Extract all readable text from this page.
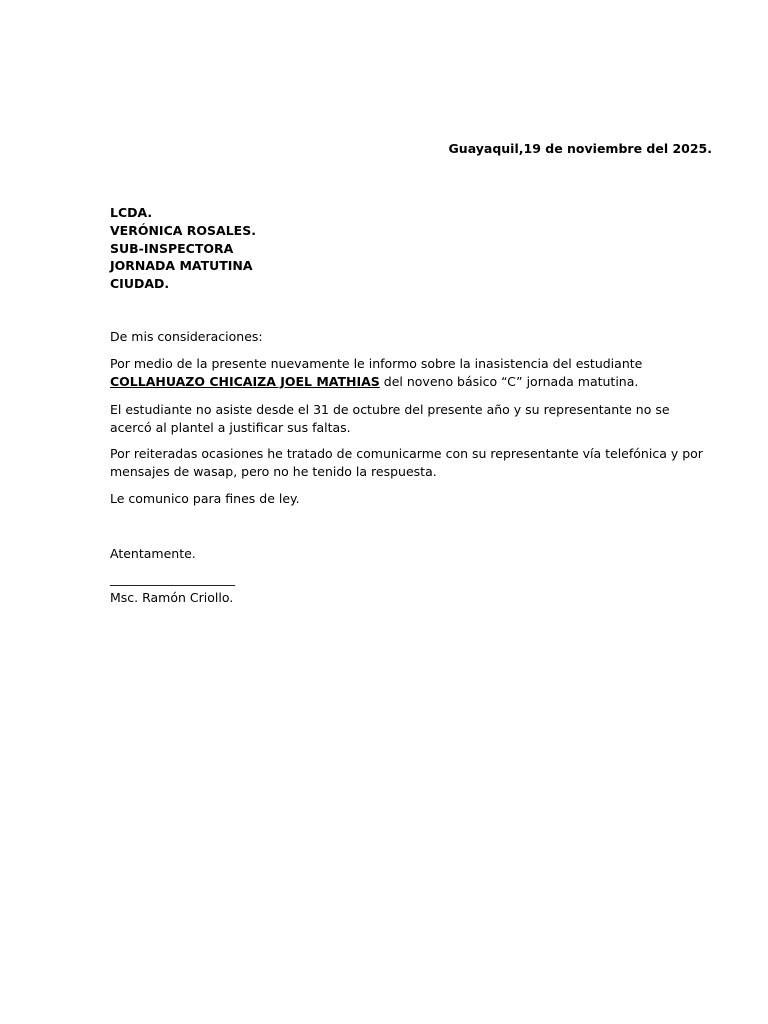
Guayaquil,19 de noviembre del 2025.
LCDA.
VERÓNICA ROSALES.
SUB-INSPECTORA
JORNADA MATUTINA
CIUDAD.
De mis consideraciones:
Por medio de la presente nuevamente le informo sobre la inasistencia del estudiante COLLAHUAZO CHICAIZA JOEL MATHIAS del noveno básico “C” jornada matutina.
El estudiante no asiste desde el 31 de octubre del presente año y su representante no se acercó al plantel a justificar sus faltas.
Por reiteradas ocasiones he tratado de comunicarme con su representante vía telefónica y por mensajes de wasap, pero no he tenido la respuesta.
Le comunico para fines de ley.
Atentamente.
____________________
Msc. Ramón Criollo.
